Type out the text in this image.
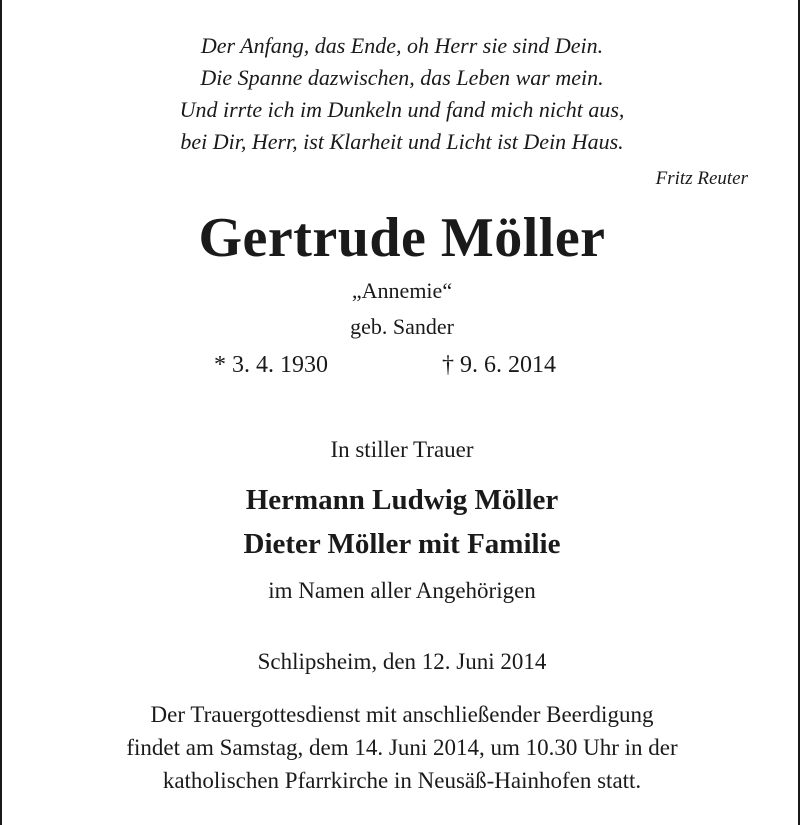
Der Anfang, das Ende, oh Herr sie sind Dein.
Die Spanne dazwischen, das Leben war mein.
Und irrte ich im Dunkeln und fand mich nicht aus,
bei Dir, Herr, ist Klarheit und Licht ist Dein Haus.
Fritz Reuter
Gertrude Möller
„Annemie“
geb. Sander
* 3. 4. 1930	† 9. 6. 2014
In stiller Trauer
Hermann Ludwig Möller
Dieter Möller mit Familie
im Namen aller Angehörigen
Schlipsheim, den 12. Juni 2014
Der Trauergottesdienst mit anschließender Beerdigung
findet am Samstag, dem 14. Juni 2014, um 10.30 Uhr in der
katholischen Pfarrkirche in Neusäß-Hainhofen statt.
